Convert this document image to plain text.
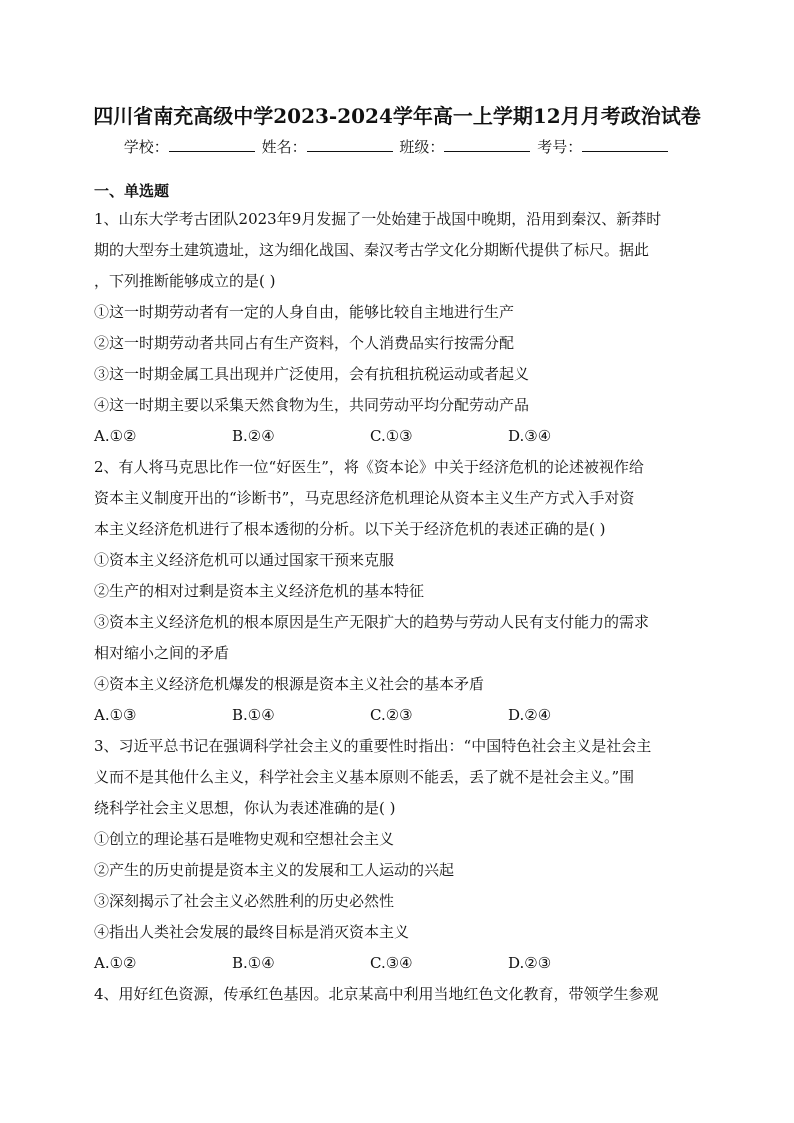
四川省南充高级中学2023-2024学年高一上学期12月月考政治试卷
学校：	姓名：	班级：	考号：
一、单选题
1、山东大学考古团队2023年9月发掘了一处始建于战国中晚期，沿用到秦汉、新莽时
期的大型夯土建筑遗址，这为细化战国、秦汉考古学文化分期断代提供了标尺。据此
，下列推断能够成立的是( )
①这一时期劳动者有一定的人身自由，能够比较自主地进行生产
②这一时期劳动者共同占有生产资料，个人消费品实行按需分配
③这一时期金属工具出现并广泛使用，会有抗租抗税运动或者起义
④这一时期主要以采集天然食物为生，共同劳动平均分配劳动产品
A.①②	B.②④	C.①③	D.③④
2、有人将马克思比作一位“好医生”，将《资本论》中关于经济危机的论述被视作给
资本主义制度开出的“诊断书”，马克思经济危机理论从资本主义生产方式入手对资
本主义经济危机进行了根本透彻的分析。以下关于经济危机的表述正确的是( )
①资本主义经济危机可以通过国家干预来克服
②生产的相对过剩是资本主义经济危机的基本特征
③资本主义经济危机的根本原因是生产无限扩大的趋势与劳动人民有支付能力的需求
相对缩小之间的矛盾
④资本主义经济危机爆发的根源是资本主义社会的基本矛盾
A.①③	B.①④	C.②③	D.②④
3、习近平总书记在强调科学社会主义的重要性时指出：“中国特色社会主义是社会主
义而不是其他什么主义，科学社会主义基本原则不能丢，丢了就不是社会主义。”围
绕科学社会主义思想，你认为表述准确的是( )
①创立的理论基石是唯物史观和空想社会主义
②产生的历史前提是资本主义的发展和工人运动的兴起
③深刻揭示了社会主义必然胜利的历史必然性
④指出人类社会发展的最终目标是消灭资本主义
A.①②	B.①④	C.③④	D.②③
4、用好红色资源，传承红色基因。北京某高中利用当地红色文化教育，带领学生参观
